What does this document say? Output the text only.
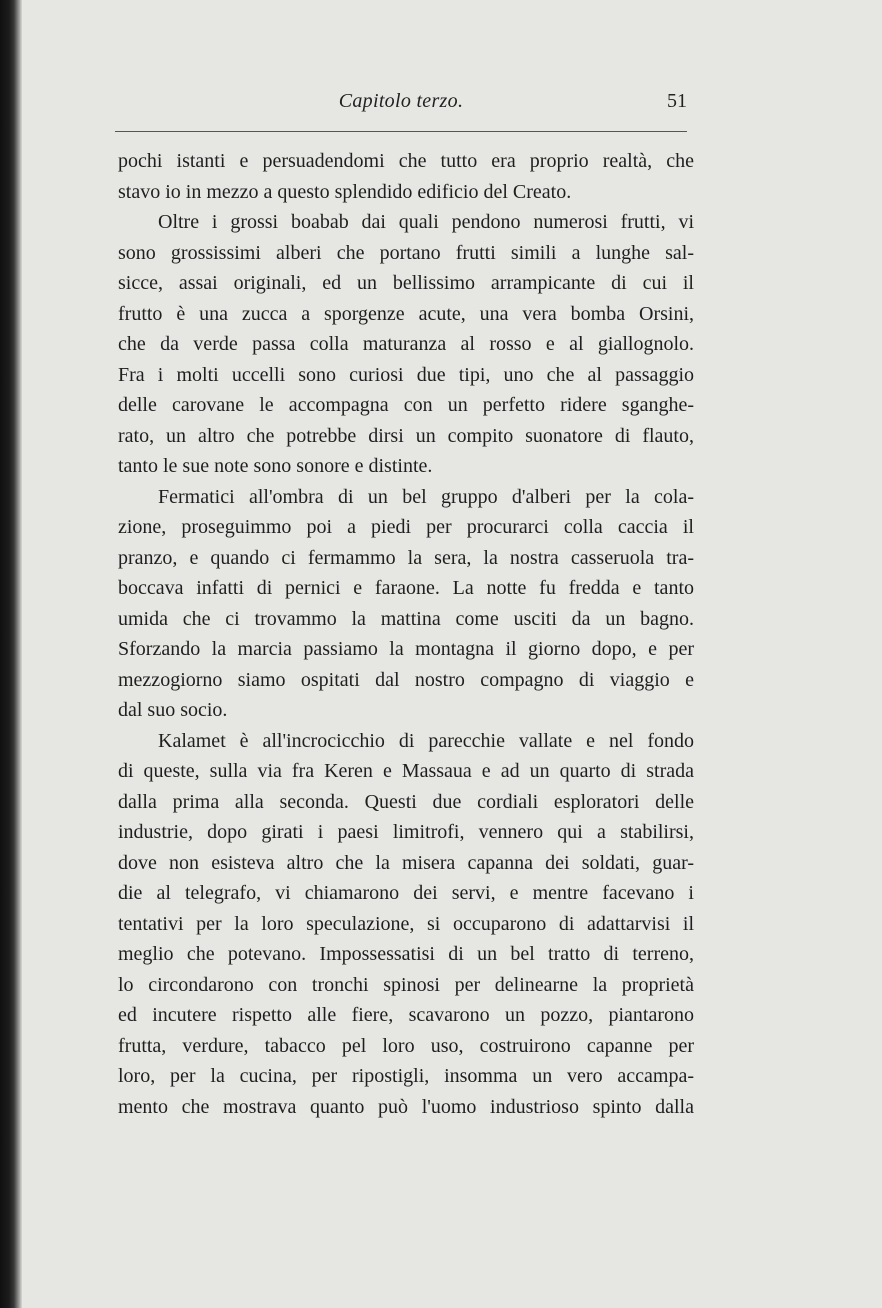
Capitolo terzo.	51
pochi istanti e persuadendomi che tutto era proprio realtà, che
stavo io in mezzo a questo splendido edificio del Creato.
Oltre i grossi boabab dai quali pendono numerosi frutti, vi
sono grossissimi alberi che portano frutti simili a lunghe sal-
sicce, assai originali, ed un bellissimo arrampicante di cui il
frutto è una zucca a sporgenze acute, una vera bomba Orsini,
che da verde passa colla maturanza al rosso e al giallognolo.
Fra i molti uccelli sono curiosi due tipi, uno che al passaggio
delle carovane le accompagna con un perfetto ridere sganghe-
rato, un altro che potrebbe dirsi un compito suonatore di flauto,
tanto le sue note sono sonore e distinte.
Fermatici all'ombra di un bel gruppo d'alberi per la cola-
zione, proseguimmo poi a piedi per procurarci colla caccia il
pranzo, e quando ci fermammo la sera, la nostra casseruola tra-
boccava infatti di pernici e faraone. La notte fu fredda e tanto
umida che ci trovammo la mattina come usciti da un bagno.
Sforzando la marcia passiamo la montagna il giorno dopo, e per
mezzogiorno siamo ospitati dal nostro compagno di viaggio e
dal suo socio.
Kalamet è all'incrocicchio di parecchie vallate e nel fondo
di queste, sulla via fra Keren e Massaua e ad un quarto di strada
dalla prima alla seconda. Questi due cordiali esploratori delle
industrie, dopo girati i paesi limitrofi, vennero qui a stabilirsi,
dove non esisteva altro che la misera capanna dei soldati, guar-
die al telegrafo, vi chiamarono dei servi, e mentre facevano i
tentativi per la loro speculazione, si occuparono di adattarvisi il
meglio che potevano. Impossessatisi di un bel tratto di terreno,
lo circondarono con tronchi spinosi per delinearne la proprietà
ed incutere rispetto alle fiere, scavarono un pozzo, piantarono
frutta, verdure, tabacco pel loro uso, costruirono capanne per
loro, per la cucina, per ripostigli, insomma un vero accampa-
mento che mostrava quanto può l'uomo industrioso spinto dalla
